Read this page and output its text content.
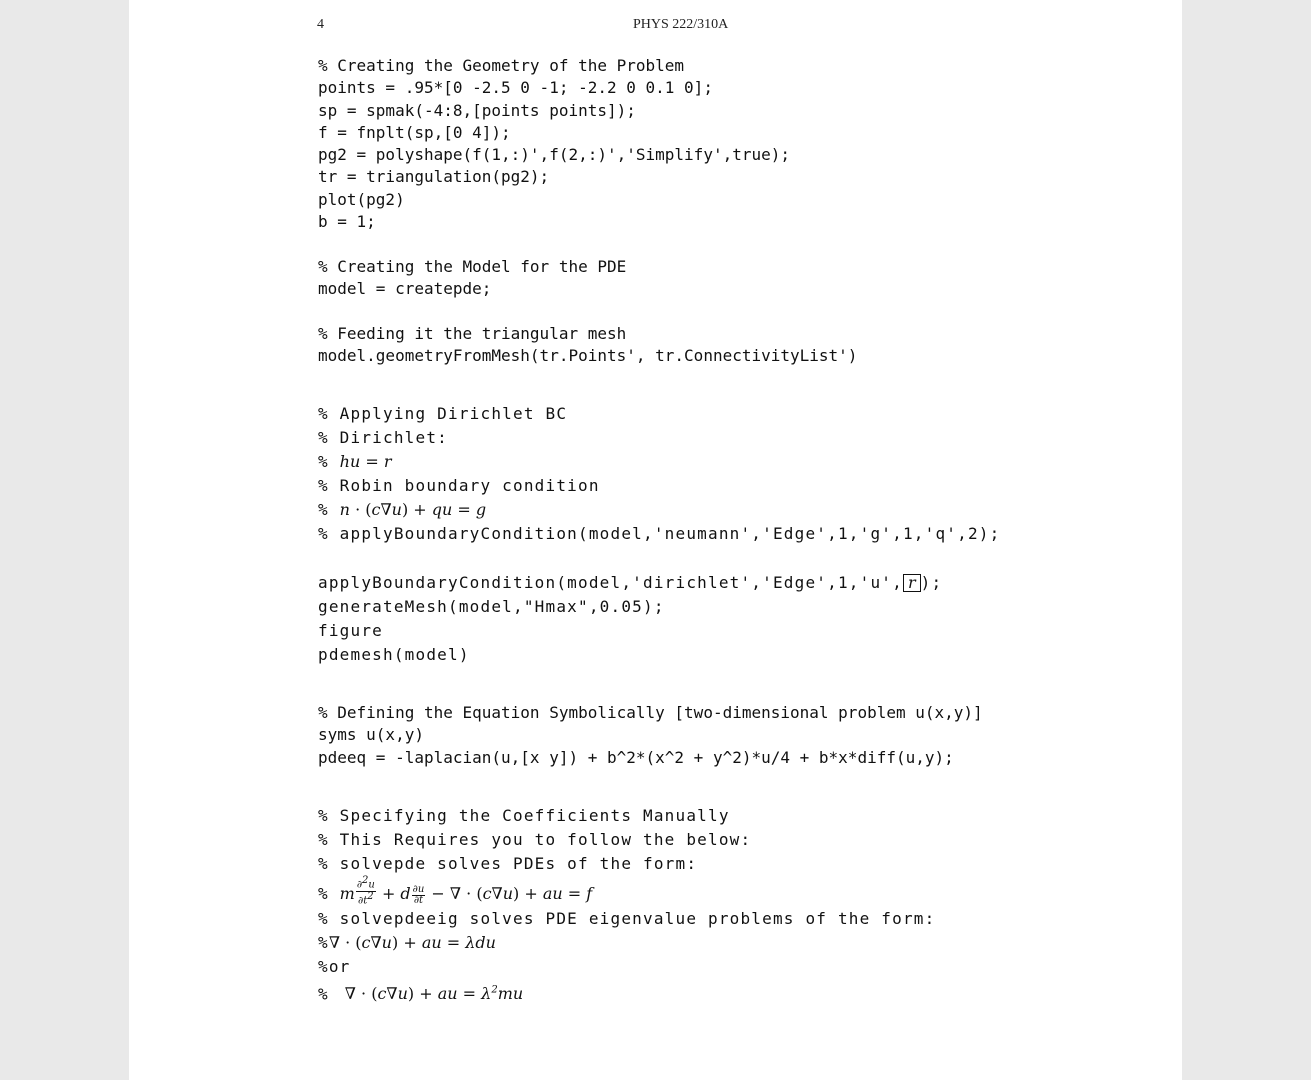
4	PHYS 222/310A
% Creating the Geometry of the Problem
points = .95*[0 -2.5 0 -1; -2.2 0 0.1 0];
sp = spmak(-4:8,[points points]);
f = fnplt(sp,[0 4]);
pg2 = polyshape(f(1,:)',f(2,:)','Simplify',true);
tr = triangulation(pg2);
plot(pg2)
b = 1;
% Creating the Model for the PDE
model = createpde;
% Feeding it the triangular mesh
model.geometryFromMesh(tr.Points', tr.ConnectivityList')
% Applying Dirichlet BC
% Dirichlet:
% hu = r
% Robin boundary condition
% n · (c∇u) + qu = g
% applyBoundaryCondition(model,'neumann','Edge',1,'g',1,'q',2);
applyBoundaryCondition(model,'dirichlet','Edge',1,'u', r );
generateMesh(model,"Hmax",0.05);
figure
pdemesh(model)
% Defining the Equation Symbolically [two-dimensional problem u(x,y)]
syms u(x,y)
pdeeq = -laplacian(u,[x y]) + b^2*(x^2 + y^2)*u/4 + b*x*diff(u,y);
% Specifying the Coefficients Manually
% This Requires you to follow the below:
% solvepde solves PDEs of the form:
% m $\frac{\partial^2u}{\partial t^2} + d \frac{\partial u}{\partial t}$ − ∇ · (c∇u) + au = f
% solvepdeeig solves PDE eigenvalue problems of the form:
%∇ · (c∇u) + au = λdu
%or
%  ∇ · (c∇u) + au = $\lambda^2mu$
